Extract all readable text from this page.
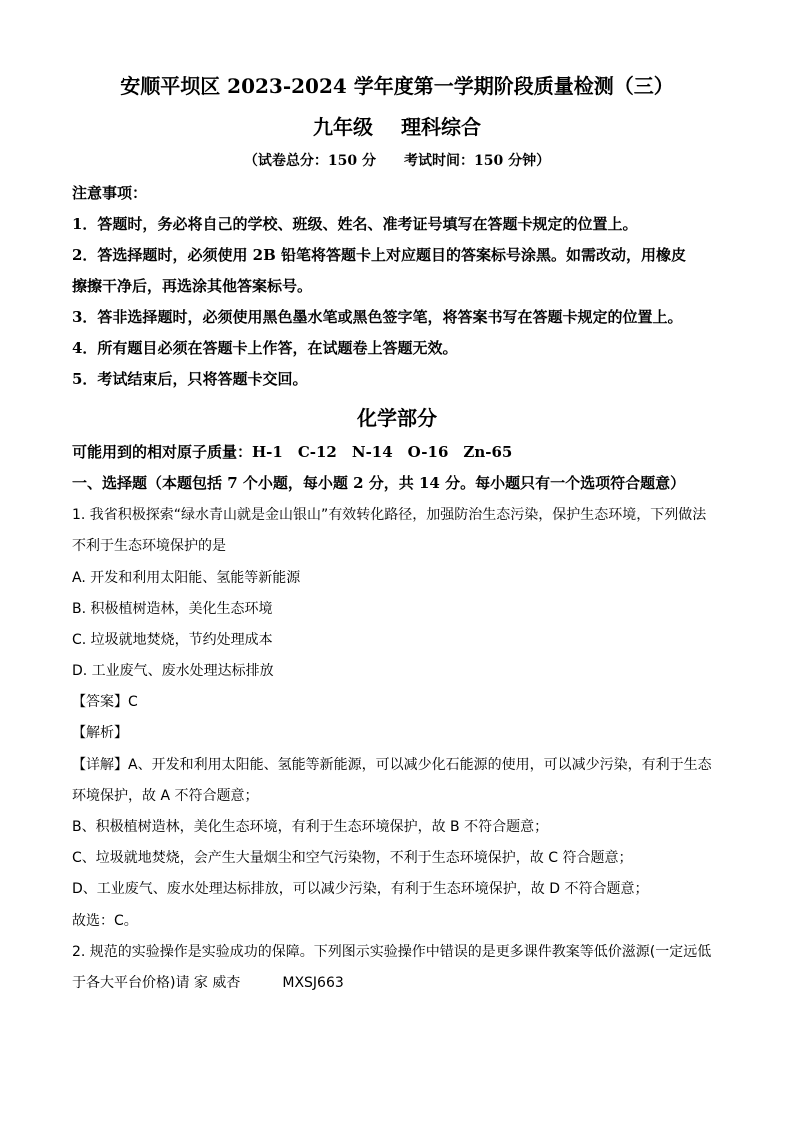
安顺平坝区 2023-2024 学年度第一学期阶段质量检测（三）
九年级 理科综合
（试卷总分：150 分 考试时间：150 分钟）
注意事项：
1．答题时，务必将自己的学校、班级、姓名、准考证号填写在答题卡规定的位置上。
2．答选择题时，必须使用 2B 铅笔将答题卡上对应题目的答案标号涂黑。如需改动，用橡皮
擦擦干净后，再选涂其他答案标号。
3．答非选择题时，必须使用黑色墨水笔或黑色签字笔，将答案书写在答题卡规定的位置上。
4．所有题目必须在答题卡上作答，在试题卷上答题无效。
5．考试结束后，只将答题卡交回。
化学部分
可能用到的相对原子质量：H-1　C-12　N-14　O-16　Zn-65
一、选择题（本题包括 7 个小题，每小题 2 分，共 14 分。每小题只有一个选项符合题意）
1. 我省积极探索“绿水青山就是金山银山”有效转化路径，加强防治生态污染，保护生态环境，下列做法
不利于生态环境保护的是
A. 开发和利用太阳能、氢能等新能源
B. 积极植树造林，美化生态环境
C. 垃圾就地焚烧，节约处理成本
D. 工业废气、废水处理达标排放
【答案】C
【解析】
【详解】A、开发和利用太阳能、氢能等新能源，可以减少化石能源的使用，可以减少污染，有利于生态
环境保护，故 A 不符合题意；
B、积极植树造林，美化生态环境，有利于生态环境保护，故 B 不符合题意；
C、垃圾就地焚烧，会产生大量烟尘和空气污染物，不利于生态环境保护，故 C 符合题意；
D、工业废气、废水处理达标排放，可以减少污染，有利于生态环境保护，故 D 不符合题意；
故选：C。
2. 规范的实验操作是实验成功的保障。下列图示实验操作中错误的是更多课件教案等低价滋源(一定远低
于各大平台价格)请 家 威杏　　　MXSJ663
